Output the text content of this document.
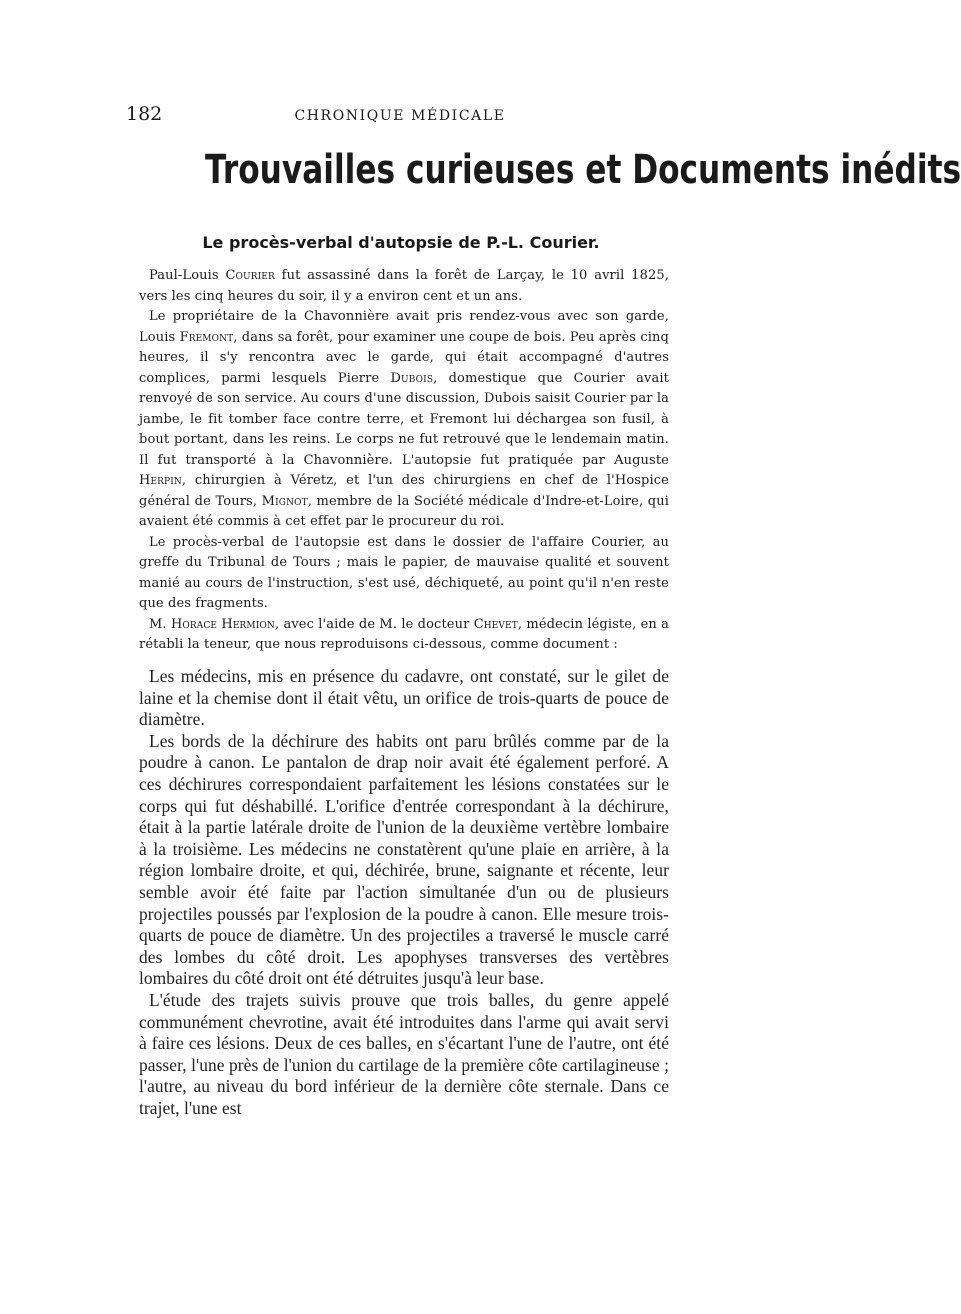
182	CHRONIQUE MÉDICALE
Trouvailles curieuses et Documents inédits
Le procès-verbal d'autopsie de P.-L. Courier.

Paul-Louis Courier fut assassiné dans la forêt de Larçay, le 10 avril 1825, vers les cinq heures du soir, il y a environ cent et un ans.

Le propriétaire de la Chavonnière avait pris rendez-vous avec son garde, Louis Fremont, dans sa forêt, pour examiner une coupe de bois. Peu après cinq heures, il s'y rencontra avec le garde, qui était accompagné d'autres complices, parmi lesquels Pierre Dubois, domestique que Courier avait renvoyé de son service. Au cours d'une discussion, Dubois saisit Courier par la jambe, le fit tomber face contre terre, et Fremont lui déchargea son fusil, à bout portant, dans les reins. Le corps ne fut retrouvé que le lendemain matin. Il fut transporté à la Chavonnière. L'autopsie fut pratiquée par Auguste Herpin, chirurgien à Véretz, et l'un des chirurgiens en chef de l'Hospice général de Tours, Mignot, membre de la Société médicale d'Indre-et-Loire, qui avaient été commis à cet effet par le procureur du roi.

Le procès-verbal de l'autopsie est dans le dossier de l'affaire Courier, au greffe du Tribunal de Tours ; mais le papier, de mauvaise qualité et souvent manié au cours de l'instruction, s'est usé, déchiqueté, au point qu'il n'en reste que des fragments.

M. Horace Hermion, avec l'aide de M. le docteur Chevet, médecin légiste, en a rétabli la teneur, que nous reproduisons ci-dessous, comme document :

Les médecins, mis en présence du cadavre, ont constaté, sur le gilet de laine et la chemise dont il était vêtu, un orifice de trois-quarts de pouce de diamètre.

Les bords de la déchirure des habits ont paru brûlés comme par de la poudre à canon. Le pantalon de drap noir avait été également perforé. A ces déchirures correspondaient parfaitement les lésions constatées sur le corps qui fut déshabillé. L'orifice d'entrée correspondant à la déchirure, était à la partie latérale droite de l'union de la deuxième vertèbre lombaire à la troisième. Les médecins ne constatèrent qu'une plaie en arrière, à la région lombaire droite, et qui, déchirée, brune, saignante et récente, leur semble avoir été faite par l'action simultanée d'un ou de plusieurs projectiles poussés par l'explosion de la poudre à canon. Elle mesure trois-quarts de pouce de diamètre. Un des projectiles a traversé le muscle carré des lombes du côté droit. Les apophyses transverses des vertèbres lombaires du côté droit ont été détruites jusqu'à leur base.

L'étude des trajets suivis prouve que trois balles, du genre appelé communément chevrotine, avait été introduites dans l'arme qui avait servi à faire ces lésions. Deux de ces balles, en s'écartant l'une de l'autre, ont été passer, l'une près de l'union du cartilage de la première côte cartilagineuse ; l'autre, au niveau du bord inférieur de la dernière côte sternale. Dans ce trajet, l'une est
